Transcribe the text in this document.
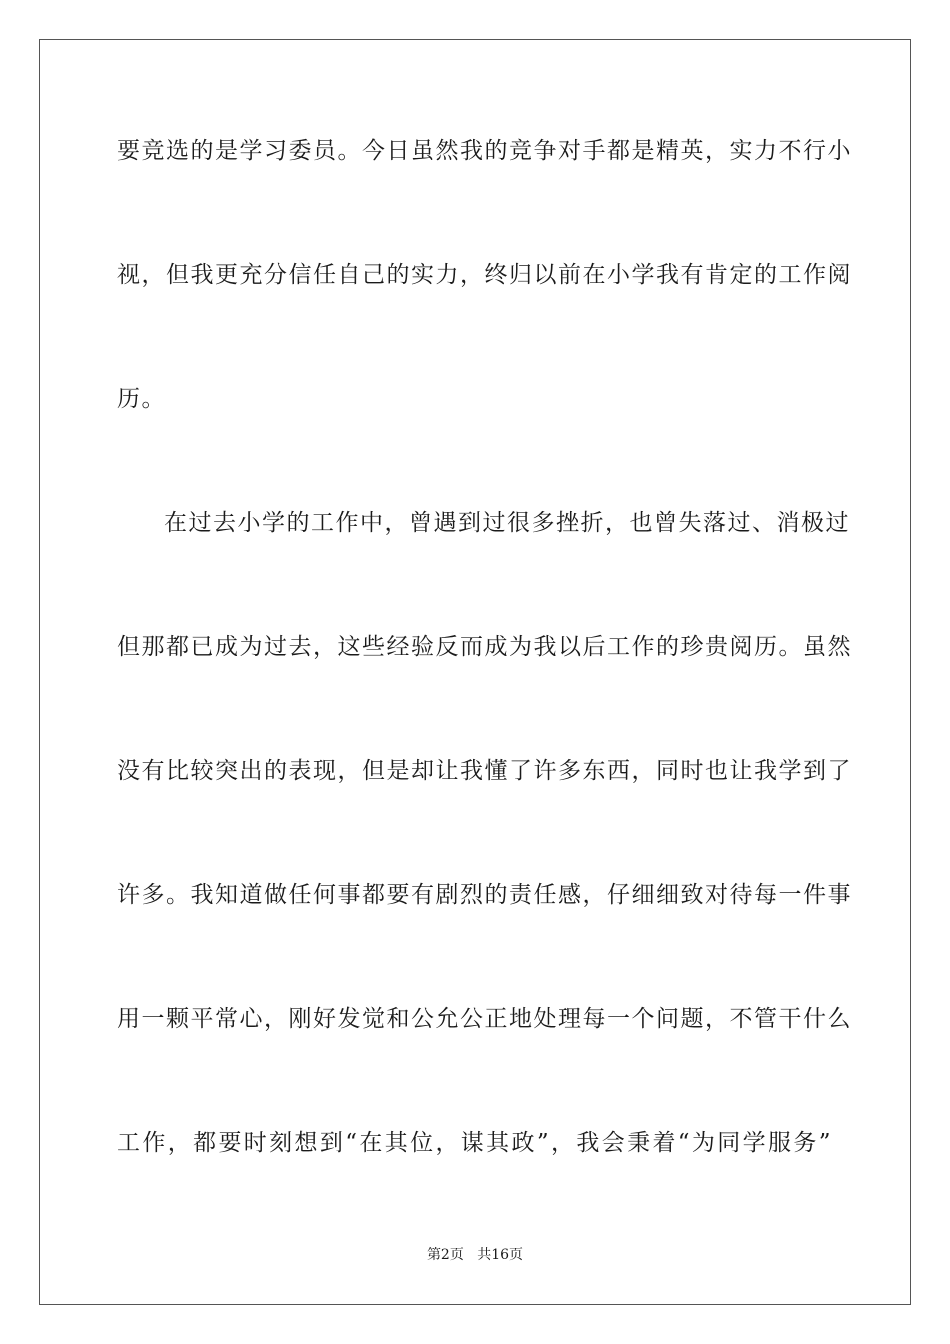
要竞选的是学习委员。今日虽然我的竞争对手都是精英，实力不行小
视，但我更充分信任自己的实力，终归以前在小学我有肯定的工作阅
历。
在过去小学的工作中，曾遇到过很多挫折，也曾失落过、消极过
但那都已成为过去，这些经验反而成为我以后工作的珍贵阅历。虽然
没有比较突出的表现，但是却让我懂了许多东西，同时也让我学到了
许多。我知道做任何事都要有剧烈的责任感，仔细细致对待每一件事
用一颗平常心，刚好发觉和公允公正地处理每一个问题，不管干什么
工作，都要时刻想到“在其位，谋其政”，我会秉着“为同学服务”
第2页 共16页
